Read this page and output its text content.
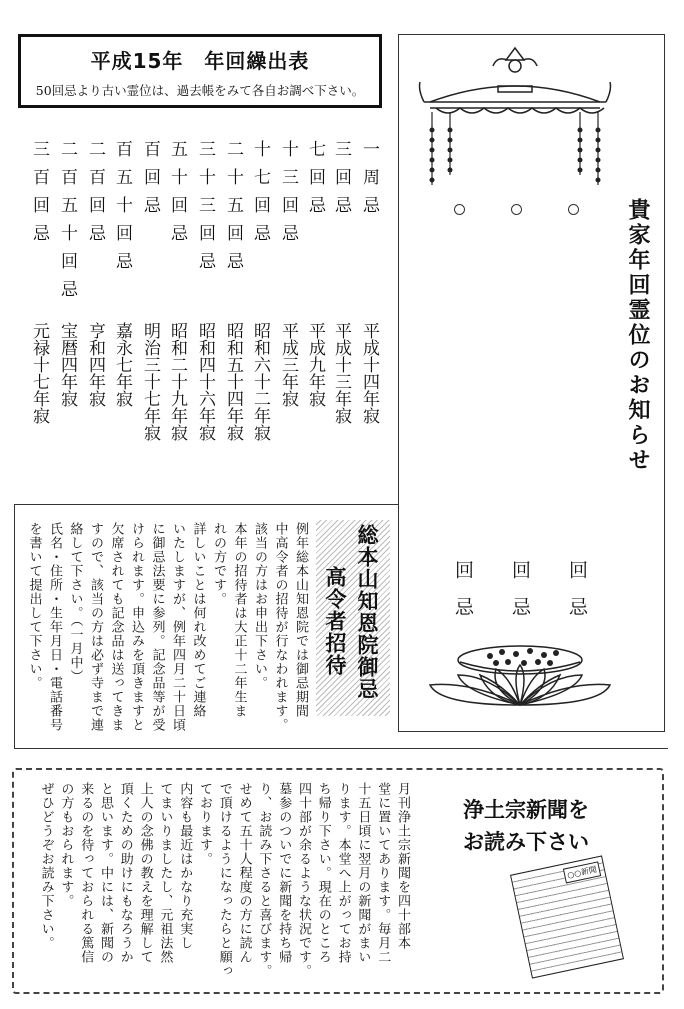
平成15年　年回繰出表
50回忌より古い霊位は、過去帳をみて各自お調べ下さい。
一周忌
平成十四年寂
三回忌
平成十三年寂
七回忌
平成九年寂
十三回忌
平成三年寂
十七回忌
昭和六十二年寂
二十五回忌
昭和五十四年寂
三十三回忌
昭和四十六年寂
五十回忌
昭和二十九年寂
百回忌
明治三十七年寂
百五十回忌
嘉永七年寂
二百回忌
亨和四年寂
二百五十回忌
宝暦四年寂
三百回忌
元禄十七年寂	貴家年回霊位のお知らせ
回忌 回忌 回忌
総本山知恩院御忌
高令者招待
例年総本山知恩院では御忌期間
中高令者の招待が行なわれます。
該当の方はお申出下さい。
本年の招待者は大正十二年生ま
れの方です。
詳しいことは何れ改めてご連絡
いたしますが、例年四月二十日頃
に御忌法要に参列。記念品等が受
けられます。申込みを頂きますと
欠席されても記念品は送ってきま
すので、該当の方は必ず寺まで連
絡して下さい。（一月中）
氏名・住所・生年月日・電話番号
を書いて提出して下さい。
浄土宗新聞を
お読み下さい
○○新聞
月刊浄土宗新聞を四十部本
堂に置いてあります。毎月二
十五日頃に翌月の新聞がまい
ります。本堂へ上がってお持
ち帰り下さい。現在のところ
四十部が余るような状況です。
墓参のついでに新聞を持ち帰
り、お読み下さると喜びます。
せめて五十人程度の方に読ん
で頂けるようになったらと願っ
ております。
内容も最近はかなり充実し
てまいりましたし、元祖法然
上人の念佛の教えを理解して
頂くための助けにもなろうか
と思います。中には、新聞の
来るのを待っておられる篤信
の方もおられます。
ぜひどうぞお読み下さい。
